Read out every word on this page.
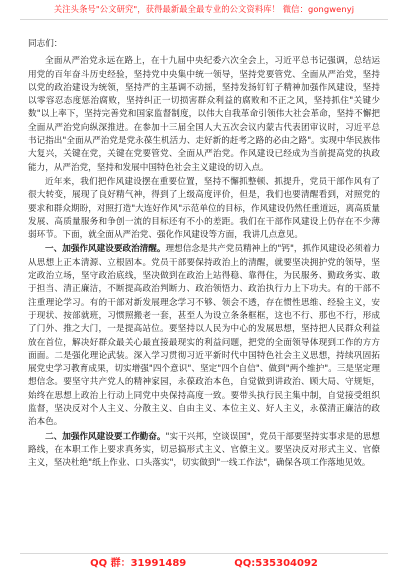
关注头条号"公文研究"，获得最新最全最专业的公文资料库！ 微信：gongwenyj
同志们：

全面从严治党永远在路上，在十九届中央纪委六次全会上，习近平总书记强调，总结运用党的百年奋斗历史经验，坚持党中央集中统一领导，坚持党要管党、全面从严治党，坚持以党的政治建设为统领，坚持严的主基调不动摇，坚持发扬钉钉子精神加强作风建设，坚持以零容忍态度惩治腐败，坚持纠正一切损害群众利益的腐败和不正之风，坚持抓住"关键少数"以上率下，坚持完善党和国家监督制度，以伟大自我革命引领伟大社会革命，坚持不懈把全面从严治党向纵深推进。在参加十三届全国人大五次会议内蒙古代表团审议时，习近平总书记指出"全面从严治党是党永葆生机活力、走好新的赶考之路的必由之路"。实现中华民族伟大复兴，关键在党，关键在党要管党、全面从严治党。作风建设已经成为当前提高党的执政能力，从严治党，坚持和发展中国特色社会主义建设的切入点。

近年来，我们把作风建设摆在重要位置，坚持不懈抓整顿、抓提升，党员干部作风有了很大转变，展现了良好精气神，得到了上级高度评价，但是，我们也要清醒看到，对照党的要求和群众期盼，对照打造"大连好作风"示范单位的目标，作风建设仍然任重道远，离高质量发展、高质量服务和争创一流的目标还有不小的差距。我们在干部作风建设上仍存在不少薄弱环节。下面，就全面从严治党、强化作风建设等方面，我讲几点意见。

一、加强作风建设要政治清醒。理想信念是共产党员精神上的"钙"，抓作风建设必须着力从思想上正本清源、立根固本。党员干部要保持政治上的清醒，就要坚决拥护党的领导，坚定政治立场，坚守政治底线，坚决做到在政治上站得稳、靠得住，为民服务、勤政务实、敢于担当、清正廉洁，不断提高政治判断力、政治领悟力、政治执行力上下功夫。有的干部不注重理论学习。有的干部对新发展理念学习不够、领会不透，存在惯性思维、经验主义，安于现状、按部就班，习惯照搬老一套，甚至人为设立条条框框，这也不行、那也不行，形成了门外、推之大门，一是提高站位。要坚持以人民为中心的发展思想，坚持把人民群众利益放在首位，解决好群众最关心最直接最现实的利益问题，把党的全面领导体现到工作的方方面面。二是强化理论武装。深入学习贯彻习近平新时代中国特色社会主义思想，持续巩固拓展党史学习教育成果，切实增强"四个意识"、坚定"四个自信"、做到"两个维护"。三是坚定理想信念。要坚守共产党人的精神家园，永葆政治本色，自觉做到讲政治、顾大局、守规矩，始终在思想上政治上行动上同党中央保持高度一致。要带头执行民主集中制，自觉接受组织监督，坚决反对个人主义、分散主义、自由主义、本位主义、好人主义，永葆清正廉洁的政治本色。

二、加强作风建设要工作勤奋。"实干兴邦，空谈误国"，党员干部要坚持实事求是的思想路线，在本职工作上要求真务实，切忌搞形式主义、官僚主义。要坚决反对形式主义、官僚主义，坚决杜绝"纸上作业、口头落实"，切实做到"一线工作法"，确保各项工作落地见效。

QQ 群：31991489	QQ:535304092
